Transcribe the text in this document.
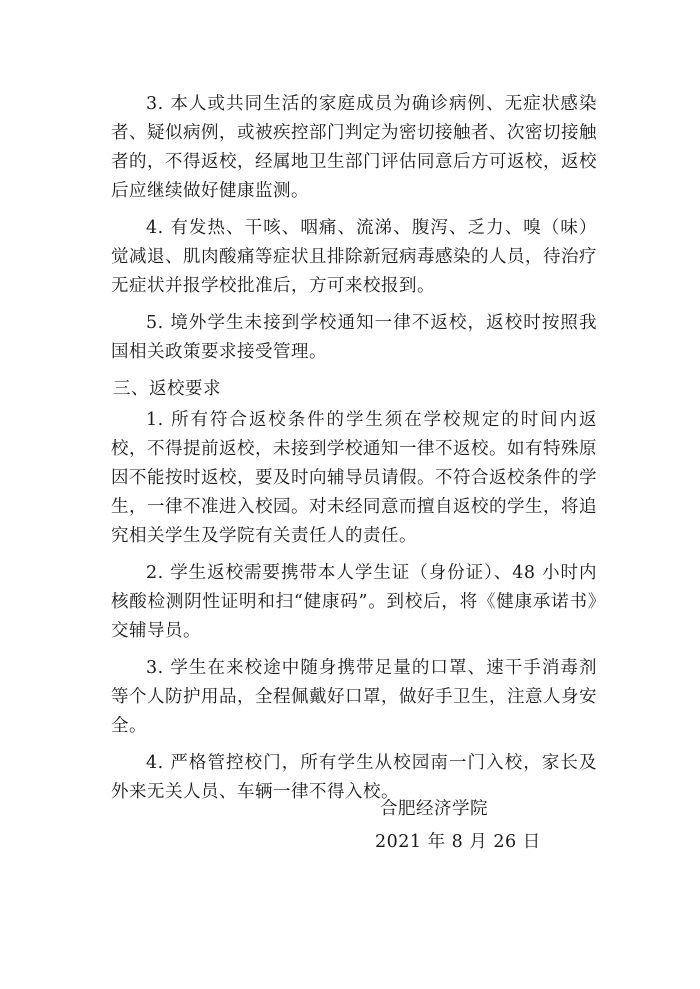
3. 本人或共同生活的家庭成员为确诊病例、无症状感染者、疑似病例，或被疾控部门判定为密切接触者、次密切接触者的，不得返校，经属地卫生部门评估同意后方可返校，返校后应继续做好健康监测。

4. 有发热、干咳、咽痛、流涕、腹泻、乏力、嗅（味）觉减退、肌肉酸痛等症状且排除新冠病毒感染的人员，待治疗无症状并报学校批准后，方可来校报到。

5. 境外学生未接到学校通知一律不返校，返校时按照我国相关政策要求接受管理。

三、返校要求

1. 所有符合返校条件的学生须在学校规定的时间内返校，不得提前返校，未接到学校通知一律不返校。如有特殊原因不能按时返校，要及时向辅导员请假。不符合返校条件的学生，一律不准进入校园。对未经同意而擅自返校的学生，将追究相关学生及学院有关责任人的责任。

2. 学生返校需要携带本人学生证（身份证）、48 小时内核酸检测阴性证明和扫“健康码”。到校后，将《健康承诺书》交辅导员。

3. 学生在来校途中随身携带足量的口罩、速干手消毒剂等个人防护用品，全程佩戴好口罩，做好手卫生，注意人身安全。

4. 严格管控校门，所有学生从校园南一门入校，家长及外来无关人员、车辆一律不得入校。

合肥经济学院
2021 年 8 月 26 日
